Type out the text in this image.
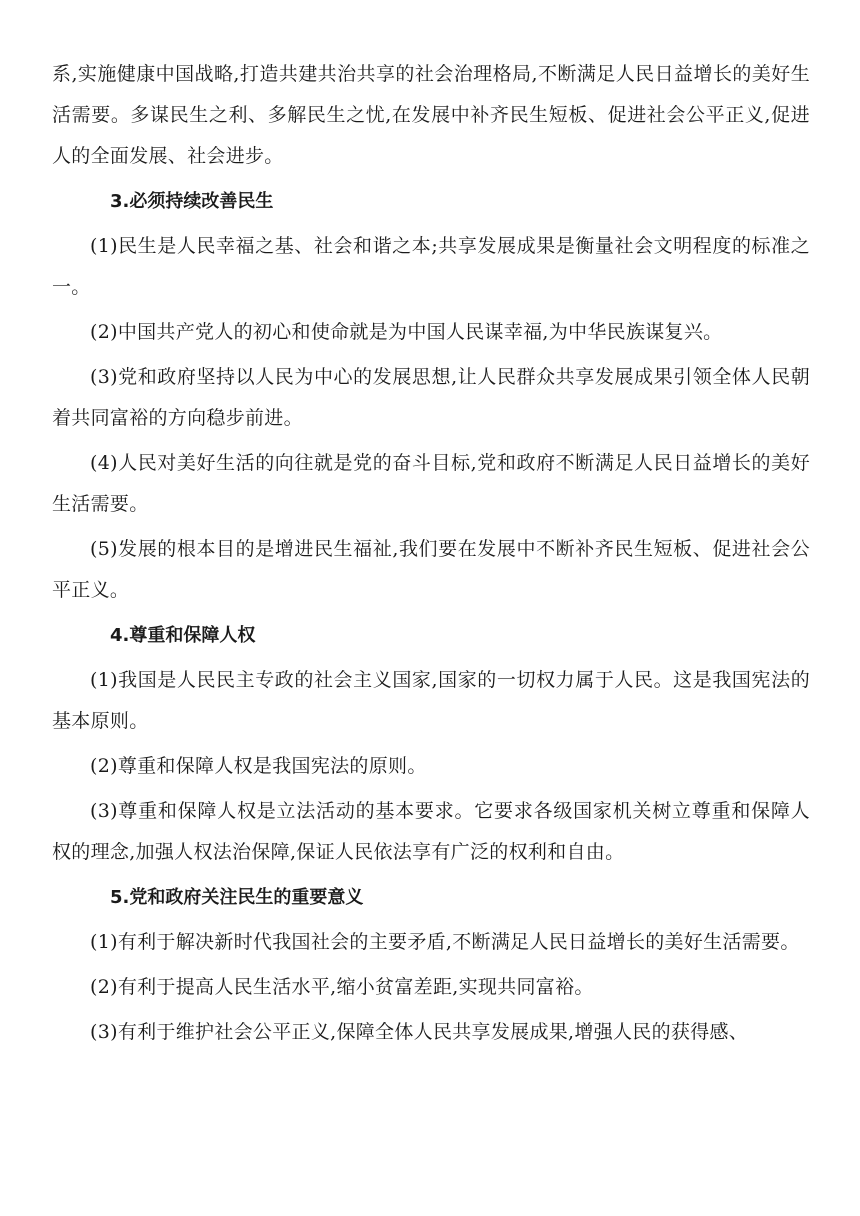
系,实施健康中国战略,打造共建共治共享的社会治理格局,不断满足人民日益增长的美好生活需要。多谋民生之利、多解民生之忧,在发展中补齐民生短板、促进社会公平正义,促进人的全面发展、社会进步。

3.必须持续改善民生

(1)民生是人民幸福之基、社会和谐之本;共享发展成果是衡量社会文明程度的标准之一。

(2)中国共产党人的初心和使命就是为中国人民谋幸福,为中华民族谋复兴。

(3)党和政府坚持以人民为中心的发展思想,让人民群众共享发展成果引领全体人民朝着共同富裕的方向稳步前进。

(4)人民对美好生活的向往就是党的奋斗目标,党和政府不断满足人民日益增长的美好生活需要。

(5)发展的根本目的是增进民生福祉,我们要在发展中不断补齐民生短板、促进社会公平正义。

4.尊重和保障人权

(1)我国是人民民主专政的社会主义国家,国家的一切权力属于人民。这是我国宪法的基本原则。

(2)尊重和保障人权是我国宪法的原则。

(3)尊重和保障人权是立法活动的基本要求。它要求各级国家机关树立尊重和保障人权的理念,加强人权法治保障,保证人民依法享有广泛的权利和自由。

5.党和政府关注民生的重要意义

(1)有利于解决新时代我国社会的主要矛盾,不断满足人民日益增长的美好生活需要。

(2)有利于提高人民生活水平,缩小贫富差距,实现共同富裕。

(3)有利于维护社会公平正义,保障全体人民共享发展成果,增强人民的获得感、
